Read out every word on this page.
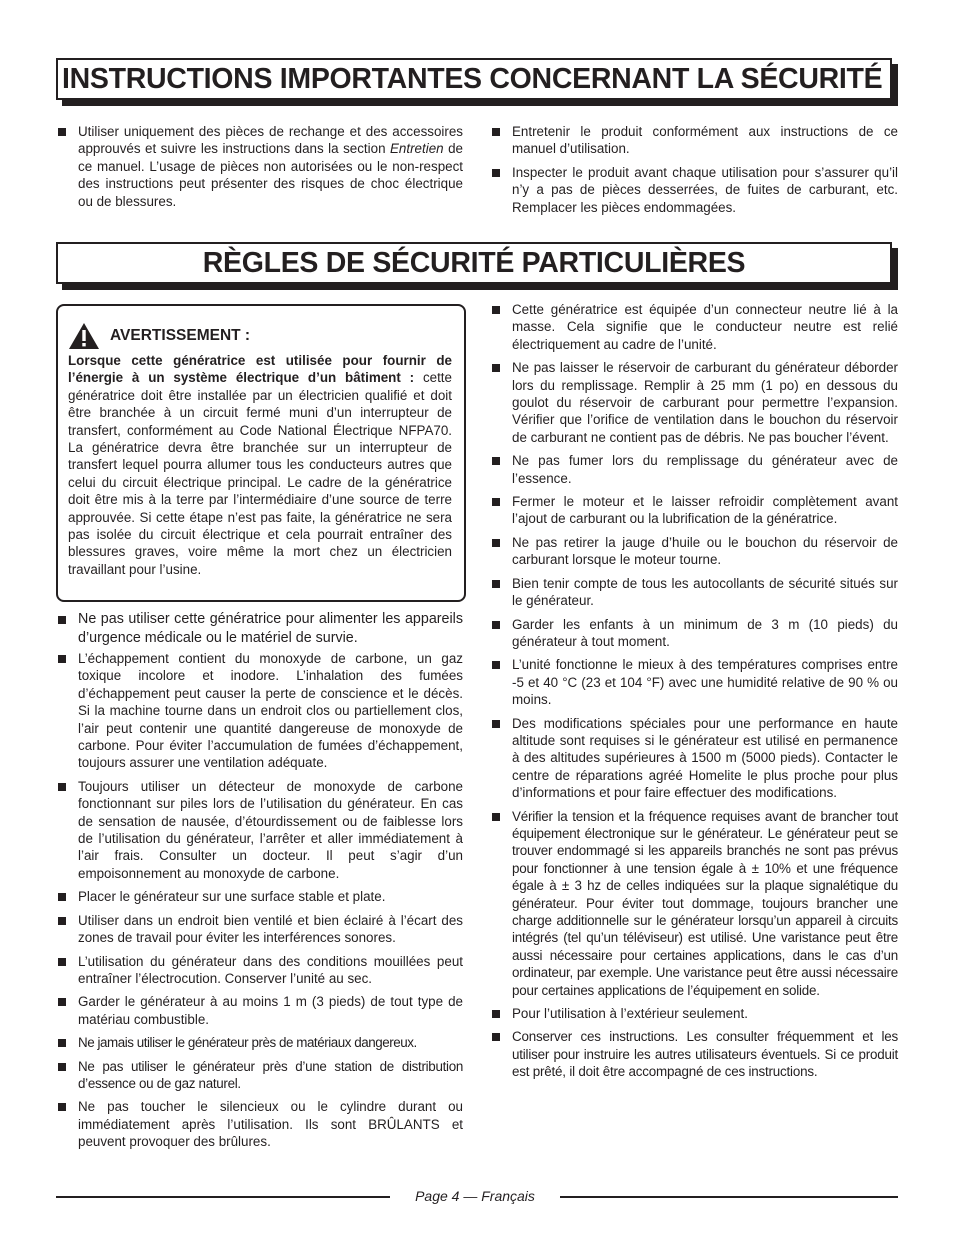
INSTRUCTIONS IMPORTANTES CONCERNANT LA SÉCURITÉ
Utiliser uniquement des pièces de rechange et des accessoires approuvés et suivre les instructions dans la section Entretien de ce manuel. L’usage de pièces non autorisées ou le non-respect des instructions peut présenter des risques de choc électrique ou de blessures.
Entretenir le produit conformément aux instructions de ce manuel d’utilisation.
Inspecter le produit avant chaque utilisation pour s’assurer qu’il n’y a pas de pièces desserrées, de fuites de carburant, etc. Remplacer les pièces endommagées.
RÈGLES DE SÉCURITÉ PARTICULIÈRES
AVERTISSEMENT :
Lorsque cette génératrice est utilisée pour fournir de l’énergie à un système électrique d’un bâtiment : cette génératrice doit être installée par un électricien qualifié et doit être branchée à un circuit fermé muni d’un interrupteur de transfert, conformément au Code National Électrique NFPA70. La génératrice devra être branchée sur un interrupteur de transfert lequel pourra allumer tous les conducteurs autres que celui du circuit électrique principal. Le cadre de la génératrice doit être mis à la terre par l’intermédiaire d’une source de terre approuvée. Si cette étape n’est pas faite, la génératrice ne sera pas isolée du circuit électrique et cela pourrait entraîner des blessures graves, voire même la mort chez un électricien travaillant pour l’usine.
Ne pas utiliser cette génératrice pour alimenter les appareils d’urgence médicale ou le matériel de survie.
L’échappement contient du monoxyde de carbone, un gaz toxique incolore et inodore. L’inhalation des fumées d’échappement peut causer la perte de conscience et le décès. Si la machine tourne dans un endroit clos ou partiellement clos, l’air peut contenir une quantité dangereuse de monoxyde de carbone. Pour éviter l’accumulation de fumées d’échappement, toujours assurer une ventilation adéquate.
Toujours utiliser un détecteur de monoxyde de carbone fonctionnant sur piles lors de l’utilisation du générateur. En cas de sensation de nausée, d’étourdissement ou de faiblesse lors de l’utilisation du générateur, l’arrêter et aller immédiatement à l’air frais. Consulter un docteur. Il peut s’agir d’un empoisonnement au monoxyde de carbone.
Placer le générateur sur une surface stable et plate.
Utiliser dans un endroit bien ventilé et bien éclairé à l’écart des zones de travail pour éviter les interférences sonores.
L’utilisation du générateur dans des conditions mouillées peut entraîner l’électrocution. Conserver l’unité au sec.
Garder le générateur à au moins 1 m (3 pieds) de tout type de matériau combustible.
Ne jamais utiliser le générateur près de matériaux dangereux.
Ne pas utiliser le générateur près d’une station de distribution d’essence ou de gaz naturel.
Ne pas toucher le silencieux ou le cylindre durant ou immédiatement après l’utilisation. Ils sont BRÛLANTS et peuvent provoquer des brûlures.
Cette génératrice est équipée d’un connecteur neutre lié à la masse. Cela signifie que le conducteur neutre est relié électriquement au cadre de l’unité.
Ne pas laisser le réservoir de carburant du générateur déborder lors du remplissage. Remplir à 25 mm (1 po) en dessous du goulot du réservoir de carburant pour permettre l’expansion. Vérifier que l’orifice de ventilation dans le bouchon du réservoir de carburant ne contient pas de débris. Ne pas boucher l’évent.
Ne pas fumer lors du remplissage du générateur avec de l’essence.
Fermer le moteur et le laisser refroidir complètement avant l’ajout de carburant ou la lubrification de la génératrice.
Ne pas retirer la jauge d’huile ou le bouchon du réservoir de carburant lorsque le moteur tourne.
Bien tenir compte de tous les autocollants de sécurité situés sur le générateur.
Garder les enfants à un minimum de 3 m (10 pieds) du générateur à tout moment.
L’unité fonctionne le mieux à des températures comprises entre -5 et 40 °C (23 et 104 °F) avec une humidité relative de 90 % ou moins.
Des modifications spéciales pour une performance en haute altitude sont requises si le générateur est utilisé en permanence à des altitudes supérieures à 1500 m (5000 pieds). Contacter le centre de réparations agréé Homelite le plus proche pour plus d’informations et pour faire effectuer des modifications.
Vérifier la tension et la fréquence requises avant de brancher tout équipement électronique sur le générateur. Le générateur peut se trouver endommagé si les appareils branchés ne sont pas prévus pour fonctionner à une tension égale à ± 10% et une fréquence égale à ± 3 hz de celles indiquées sur la plaque signalétique du générateur. Pour éviter tout dommage, toujours brancher une charge additionnelle sur le générateur lorsqu’un appareil à circuits intégrés (tel qu’un téléviseur) est utilisé. Une varistance peut être aussi nécessaire pour certaines applications, dans le cas d’un ordinateur, par exemple. Une varistance peut être aussi nécessaire pour certaines applications de l’équipement en solide.
Pour l’utilisation à l’extérieur seulement.
Conserver ces instructions. Les consulter fréquemment et les utiliser pour instruire les autres utilisateurs éventuels. Si ce produit est prêté, il doit être accompagné de ces instructions.
Page 4 — Français
